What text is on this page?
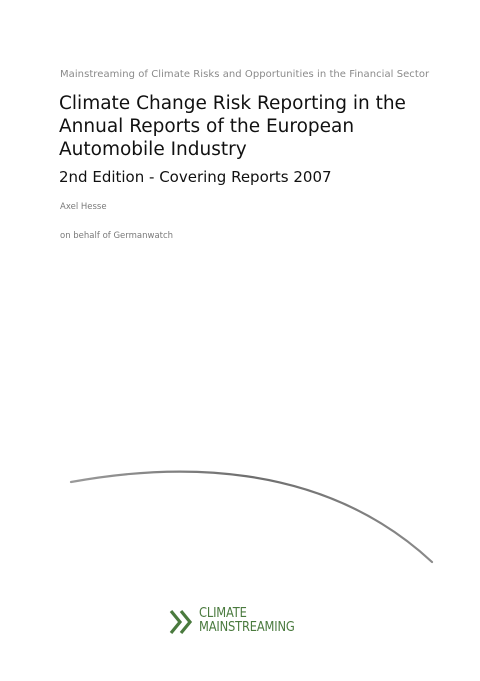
Mainstreaming of Climate Risks and Opportunities in the Financial Sector
Climate Change Risk Reporting in the
Annual Reports of the European
Automobile Industry
2nd Edition - Covering Reports 2007
Axel Hesse
on behalf of Germanwatch
CLIMATE
MAINSTREAMING
